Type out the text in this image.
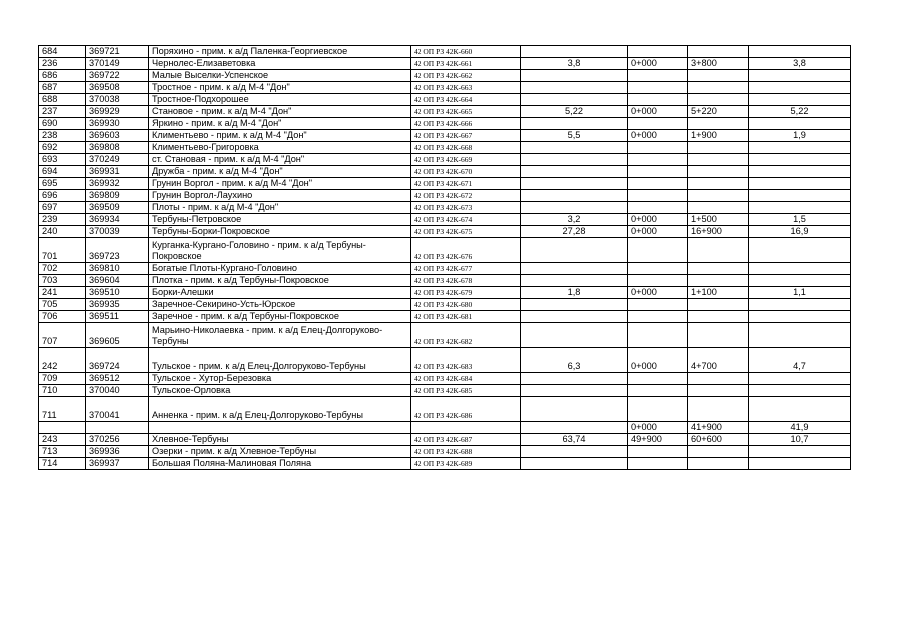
684	369721	Поряхино - прим. к а/д Паленка-Георгиевское	42 ОП РЗ 42К-660				
236	370149	Чернолес-Елизаветовка	42 ОП РЗ 42К-661	3,8	0+000	3+800	3,8
686	369722	Малые Выселки-Успенское	42 ОП РЗ 42К-662				
687	369508	Тростное - прим. к а/д М-4 "Дон"	42 ОП РЗ 42К-663				
688	370038	Тростное-Подхорошее	42 ОП РЗ 42К-664				
237	369929	Становое - прим. к а/д М-4 "Дон"	42 ОП РЗ 42К-665	5,22	0+000	5+220	5,22
690	369930	Яркино - прим. к а/д М-4 "Дон"	42 ОП РЗ 42К-666				
238	369603	Климентьево - прим. к а/д М-4 "Дон"	42 ОП РЗ 42К-667	5,5	0+000	1+900	1,9
692	369808	Климентьево-Григоровка	42 ОП РЗ 42К-668				
693	370249	ст. Становая - прим. к а/д М-4 "Дон"	42 ОП РЗ 42К-669				
694	369931	Дружба - прим. к а/д М-4 "Дон"	42 ОП РЗ 42К-670				
695	369932	Грунин Воргол - прим. к а/д М-4 "Дон"	42 ОП РЗ 42К-671				
696	369809	Грунин Воргол-Лаухино	42 ОП РЗ 42К-672				
697	369509	Плоты - прим. к а/д М-4 "Дон"	42 ОП РЗ 42К-673				
239	369934	Тербуны-Петровское	42 ОП РЗ 42К-674	3,2	0+000	1+500	1,5
240	370039	Тербуны-Борки-Покровское	42 ОП РЗ 42К-675	27,28	0+000	16+900	16,9
701	369723	Курганка-Кургано-Головино - прим. к а/д Тербуны-Покровское	42 ОП РЗ 42К-676				
702	369810	Богатые Плоты-Кургано-Головино	42 ОП РЗ 42К-677				
703	369604	Плотка - прим. к а/д Тербуны-Покровское	42 ОП РЗ 42К-678				
241	369510	Борки-Алешки	42 ОП РЗ 42К-679	1,8	0+000	1+100	1,1
705	369935	Заречное-Секирино-Усть-Юрское	42 ОП РЗ 42К-680				
706	369511	Заречное - прим. к а/д Тербуны-Покровское	42 ОП РЗ 42К-681				
707	369605	Марьино-Николаевка - прим. к а/д Елец-Долгоруково-Тербуны	42 ОП РЗ 42К-682				
242	369724	Тульское - прим. к а/д Елец-Долгоруково-Тербуны	42 ОП РЗ 42К-683	6,3	0+000	4+700	4,7
709	369512	Тульское - Хутор-Березовка	42 ОП РЗ 42К-684				
710	370040	Тульское-Орловка	42 ОП РЗ 42К-685				
711	370041	Анненка - прим. к а/д Елец-Долгоруково-Тербуны	42 ОП РЗ 42К-686				
					0+000	41+900	41,9
243	370256	Хлевное-Тербуны	42 ОП РЗ 42К-687	63,74	49+900	60+600	10,7
713	369936	Озерки - прим. к а/д Хлевное-Тербуны	42 ОП РЗ 42К-688				
714	369937	Большая Поляна-Малиновая Поляна	42 ОП РЗ 42К-689				
